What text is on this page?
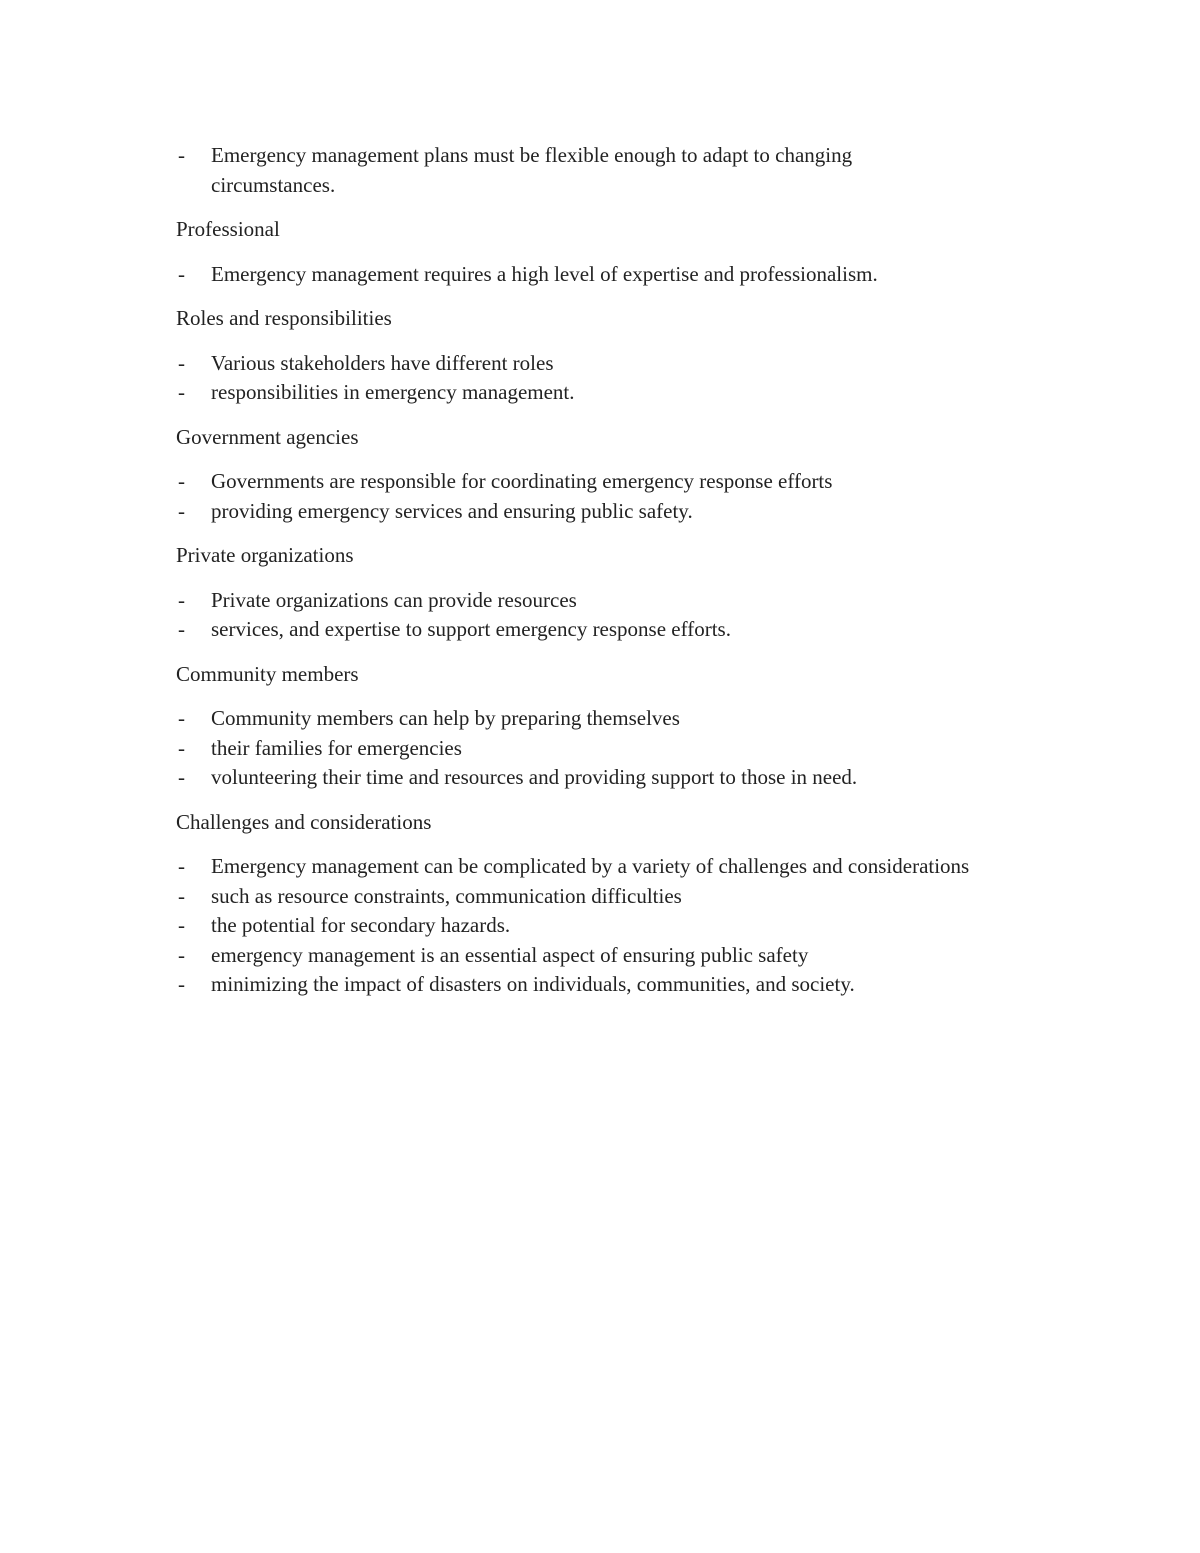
- Emergency management plans must be flexible enough to adapt to changing circumstances.
Professional
- Emergency management requires a high level of expertise and professionalism.
Roles and responsibilities
- Various stakeholders have different roles
- responsibilities in emergency management.
Government agencies
- Governments are responsible for coordinating emergency response efforts
- providing emergency services and ensuring public safety.
Private organizations
- Private organizations can provide resources
- services, and expertise to support emergency response efforts.
Community members
- Community members can help by preparing themselves
- their families for emergencies
- volunteering their time and resources and providing support to those in need.
Challenges and considerations
- Emergency management can be complicated by a variety of challenges and considerations
- such as resource constraints, communication difficulties
- the potential for secondary hazards.
- emergency management is an essential aspect of ensuring public safety
- minimizing the impact of disasters on individuals, communities, and society.
